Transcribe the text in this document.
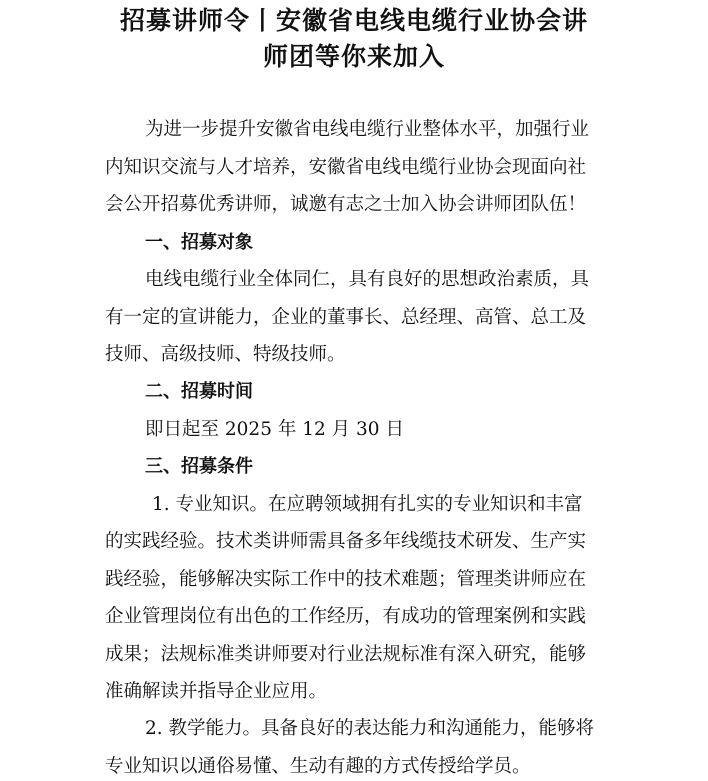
招募讲师令丨安徽省电线电缆行业协会讲
师团等你来加入
为进一步提升安徽省电线电缆行业整体水平，加强行业
内知识交流与人才培养，安徽省电线电缆行业协会现面向社
会公开招募优秀讲师，诚邀有志之士加入协会讲师团队伍！
一、招募对象
电线电缆行业全体同仁，具有良好的思想政治素质，具
有一定的宣讲能力，企业的董事长、总经理、高管、总工及
技师、高级技师、特级技师。
二、招募时间
即日起至 2025 年 12 月 30 日
三、招募条件
1. 专业知识。在应聘领域拥有扎实的专业知识和丰富
的实践经验。技术类讲师需具备多年线缆技术研发、生产实
践经验，能够解决实际工作中的技术难题；管理类讲师应在
企业管理岗位有出色的工作经历，有成功的管理案例和实践
成果；法规标准类讲师要对行业法规标准有深入研究，能够
准确解读并指导企业应用。
2. 教学能力。具备良好的表达能力和沟通能力，能够将
专业知识以通俗易懂、生动有趣的方式传授给学员。
